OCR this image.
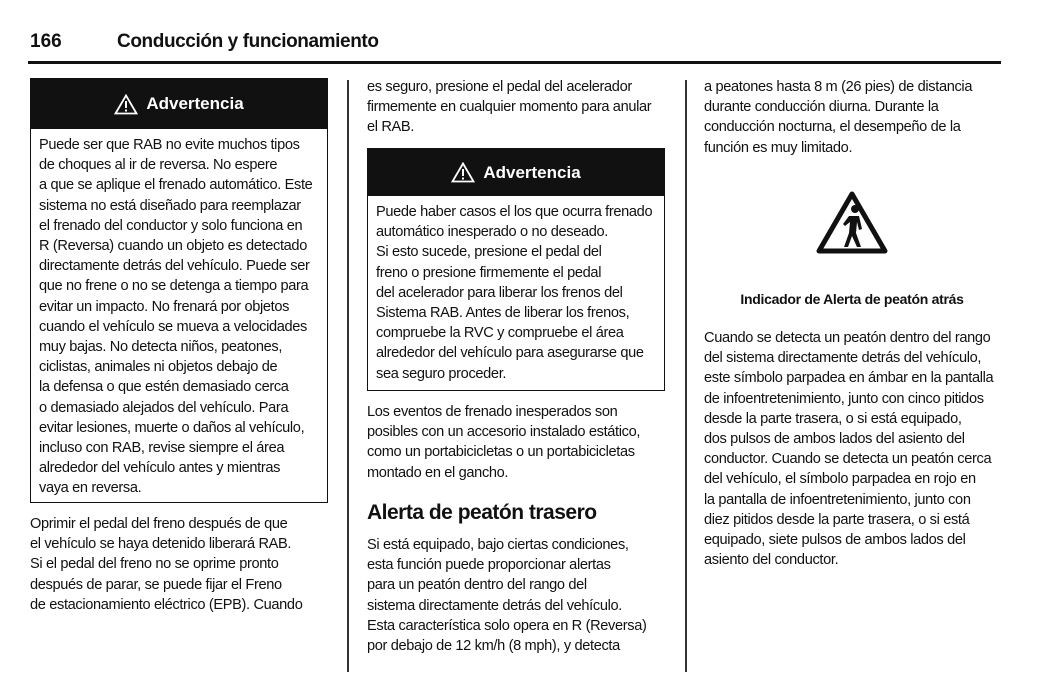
166	Conducción y funcionamiento
Advertencia
Puede ser que RAB no evite muchos tipos
de choques al ir de reversa. No espere
a que se aplique el frenado automático. Este
sistema no está diseñado para reemplazar
el frenado del conductor y solo funciona en
R (Reversa) cuando un objeto es detectado
directamente detrás del vehículo. Puede ser
que no frene o no se detenga a tiempo para
evitar un impacto. No frenará por objetos
cuando el vehículo se mueva a velocidades
muy bajas. No detecta niños, peatones,
ciclistas, animales ni objetos debajo de
la defensa o que estén demasiado cerca
o demasiado alejados del vehículo. Para
evitar lesiones, muerte o daños al vehículo,
incluso con RAB, revise siempre el área
alrededor del vehículo antes y mientras
vaya en reversa.
Oprimir el pedal del freno después de que
el vehículo se haya detenido liberará RAB.
Si el pedal del freno no se oprime pronto
después de parar, se puede fijar el Freno
de estacionamiento eléctrico (EPB). Cuando
es seguro, presione el pedal del acelerador
firmemente en cualquier momento para anular
el RAB.
Advertencia
Puede haber casos el los que ocurra frenado
automático inesperado o no deseado.
Si esto sucede, presione el pedal del
freno o presione firmemente el pedal
del acelerador para liberar los frenos del
Sistema RAB. Antes de liberar los frenos,
compruebe la RVC y compruebe el área
alrededor del vehículo para asegurarse que
sea seguro proceder.
Los eventos de frenado inesperados son
posibles con un accesorio instalado estático,
como un portabicicletas o un portabicicletas
montado en el gancho.
Alerta de peatón trasero
Si está equipado, bajo ciertas condiciones,
esta función puede proporcionar alertas
para un peatón dentro del rango del
sistema directamente detrás del vehículo.
Esta característica solo opera en R (Reversa)
por debajo de 12 km/h (8 mph), y detecta
a peatones hasta 8 m (26 pies) de distancia
durante conducción diurna. Durante la
conducción nocturna, el desempeño de la
función es muy limitado.
Indicador de Alerta de peatón atrás
Cuando se detecta un peatón dentro del rango
del sistema directamente detrás del vehículo,
este símbolo parpadea en ámbar en la pantalla
de infoentretenimiento, junto con cinco pitidos
desde la parte trasera, o si está equipado,
dos pulsos de ambos lados del asiento del
conductor. Cuando se detecta un peatón cerca
del vehículo, el símbolo parpadea en rojo en
la pantalla de infoentretenimiento, junto con
diez pitidos desde la parte trasera, o si está
equipado, siete pulsos de ambos lados del
asiento del conductor.
